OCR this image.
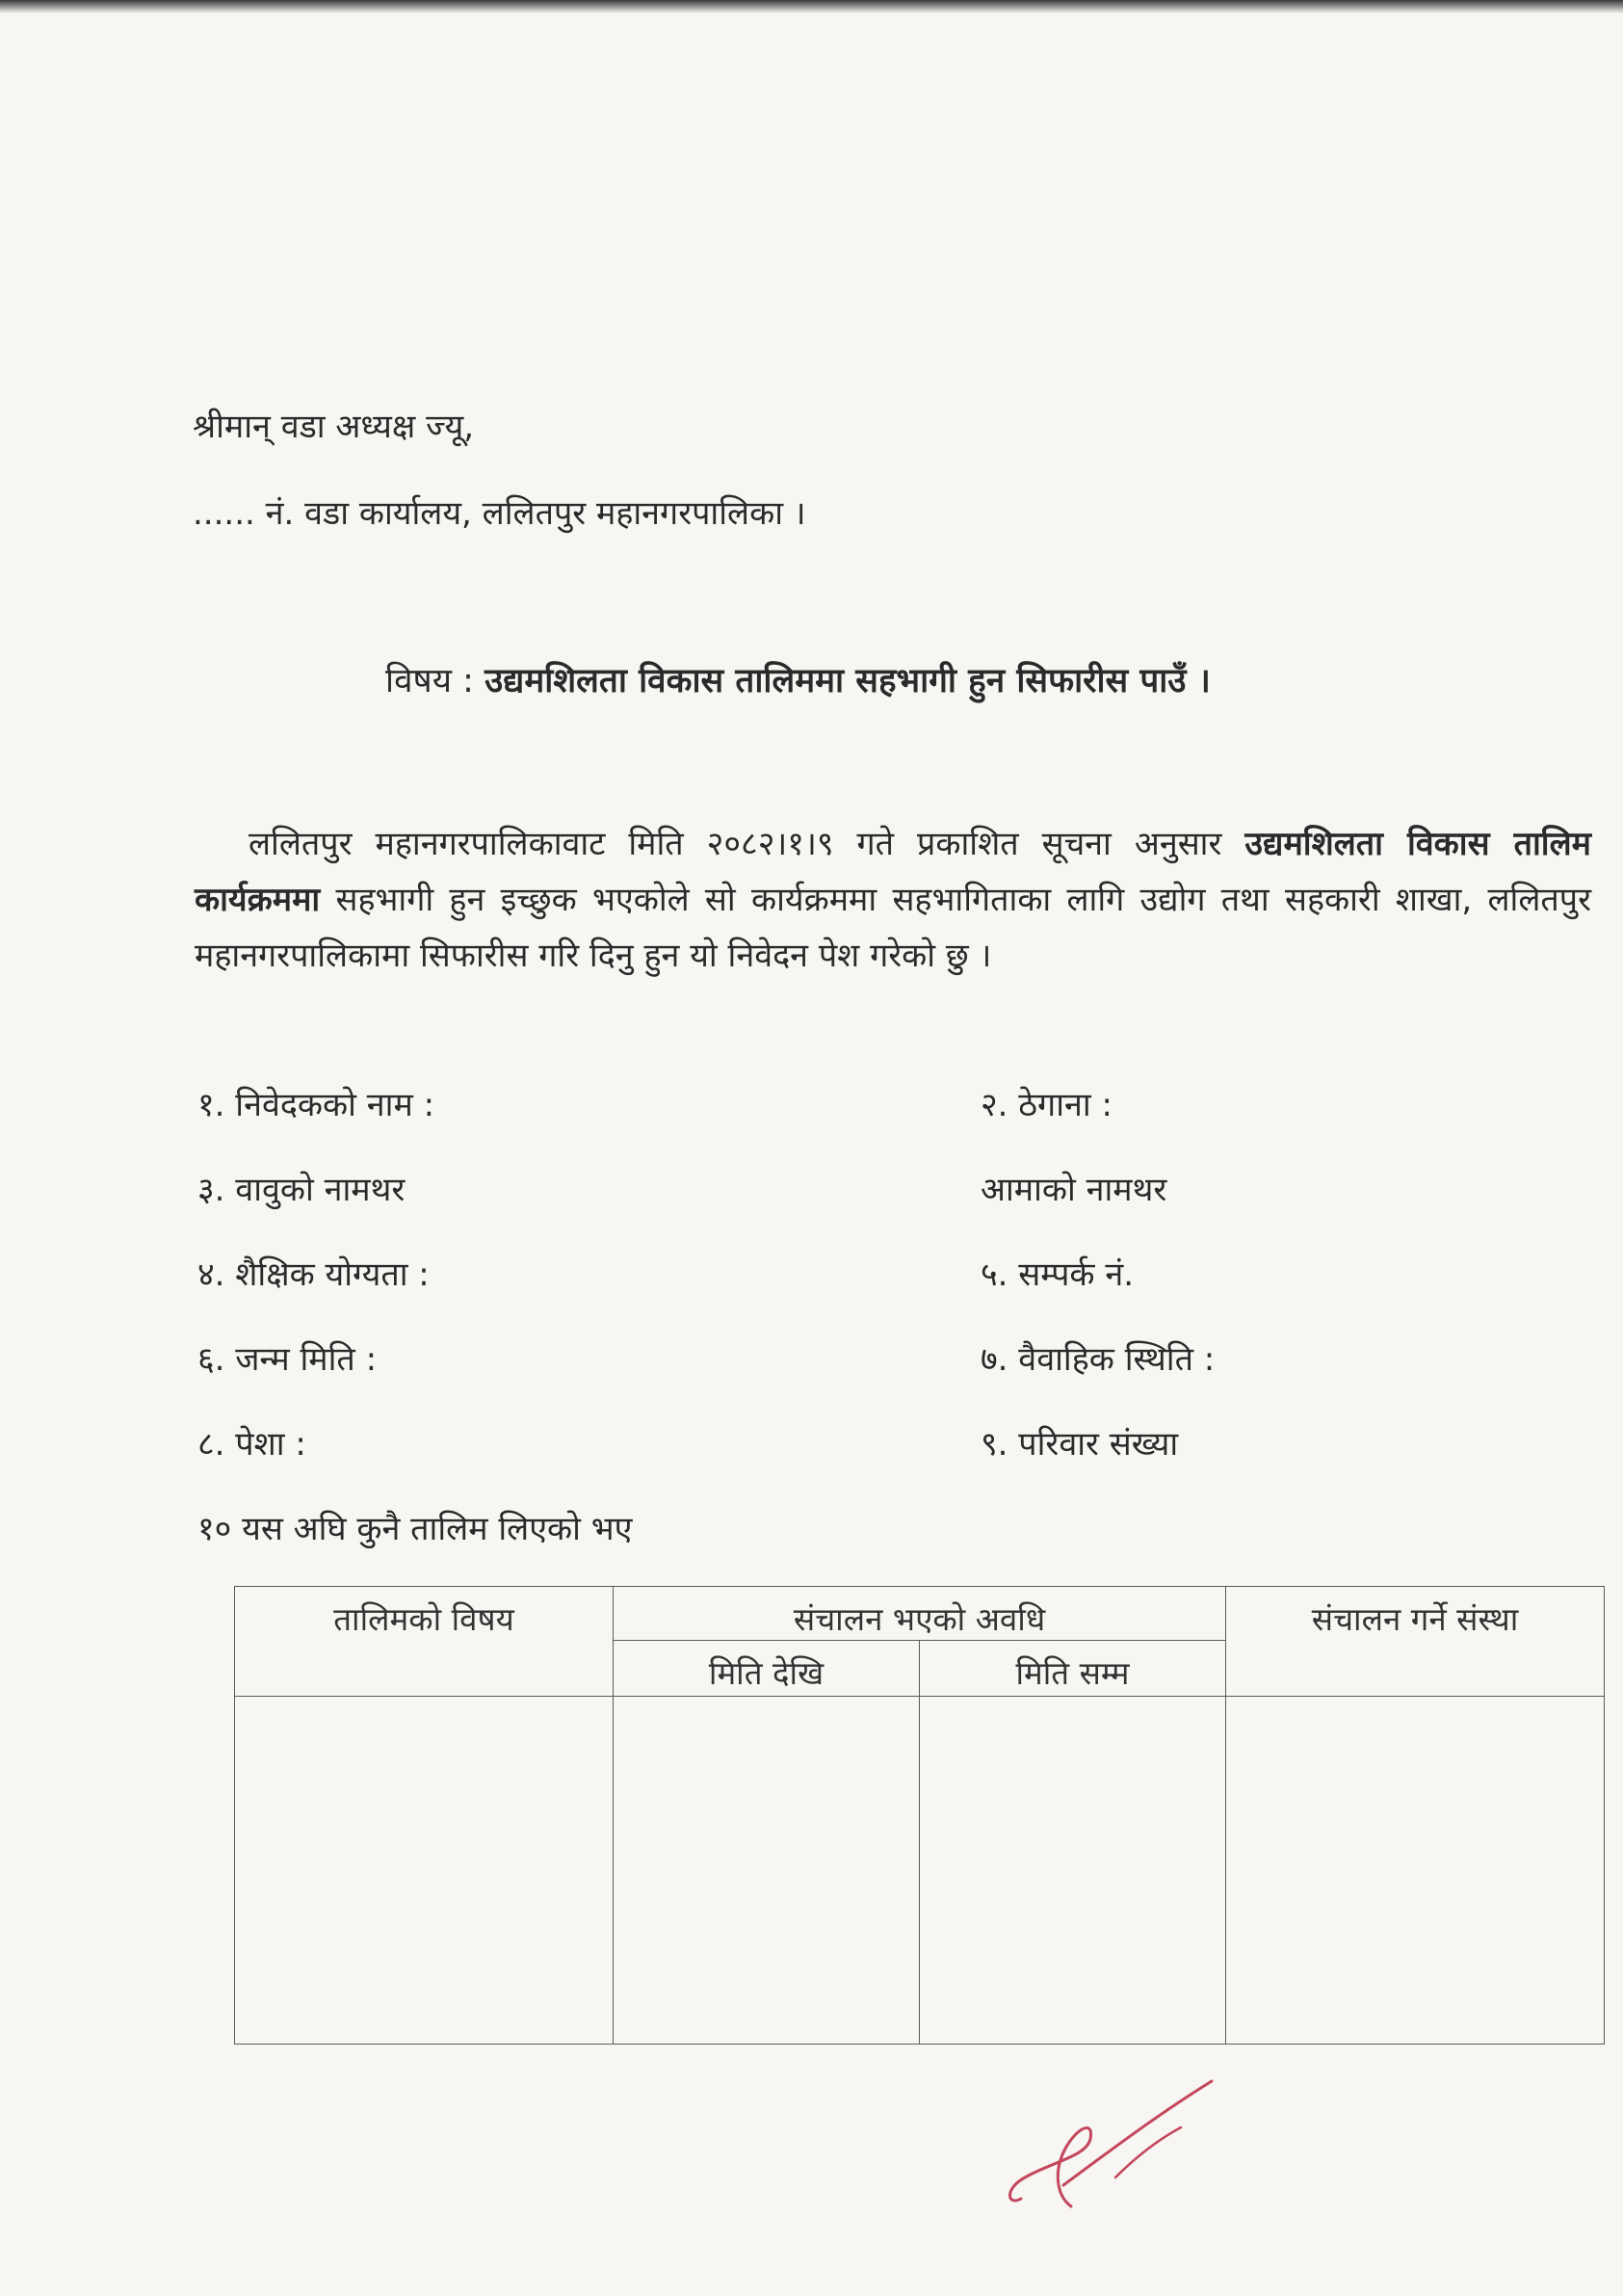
श्रीमान् वडा अध्यक्ष ज्यू,
...... नं. वडा कार्यालय, ललितपुर महानगरपालिका ।
विषय : उद्यमशिलता विकास तालिममा सहभागी हुन सिफारीस पाउँ ।
ललितपुर महानगरपालिकावाट मिति २०८२।१।९ गते प्रकाशित सूचना अनुसार उद्यमशिलता विकास तालिम कार्यक्रममा सहभागी हुन इच्छुक भएकोले सो कार्यक्रममा सहभागिताका लागि उद्योग तथा सहकारी शाखा, ललितपुर महानगरपालिकामा सिफारीस गरि दिनु हुन यो निवेदन पेश गरेको छु ।
१. निवेदकको नाम :	२. ठेगाना :
३. वावुको नामथर	आमाको नामथर
४. शैक्षिक योग्यता :	५. सम्पर्क नं.
६. जन्म मिति :	७. वैवाहिक स्थिति :
८. पेशा :	९. परिवार संख्या
१० यस अघि कुनै तालिम लिएको भए
तालिमको विषय	संचालन भएको अवधि		संचालन गर्ने संस्था
	मिति देखि	मिति सम्म	
